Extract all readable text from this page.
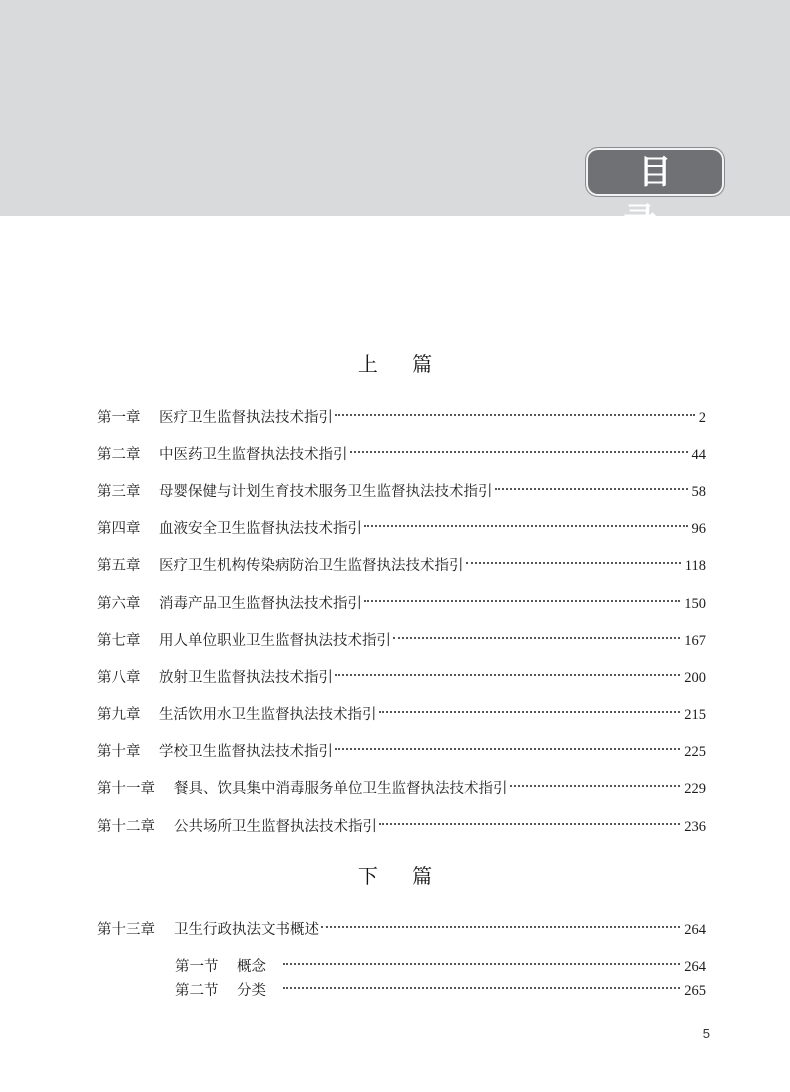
目 录
上 篇
第一章	医疗卫生监督执法技术指引	2
第二章	中医药卫生监督执法技术指引	44
第三章	母婴保健与计划生育技术服务卫生监督执法技术指引	58
第四章	血液安全卫生监督执法技术指引	96
第五章	医疗卫生机构传染病防治卫生监督执法技术指引	118
第六章	消毒产品卫生监督执法技术指引	150
第七章	用人单位职业卫生监督执法技术指引	167
第八章	放射卫生监督执法技术指引	200
第九章	生活饮用水卫生监督执法技术指引	215
第十章	学校卫生监督执法技术指引	225
第十一章	餐具、饮具集中消毒服务单位卫生监督执法技术指引	229
第十二章	公共场所卫生监督执法技术指引	236
下 篇
第十三章	卫生行政执法文书概述	264
第一节	概念	264
第二节	分类	265
5
